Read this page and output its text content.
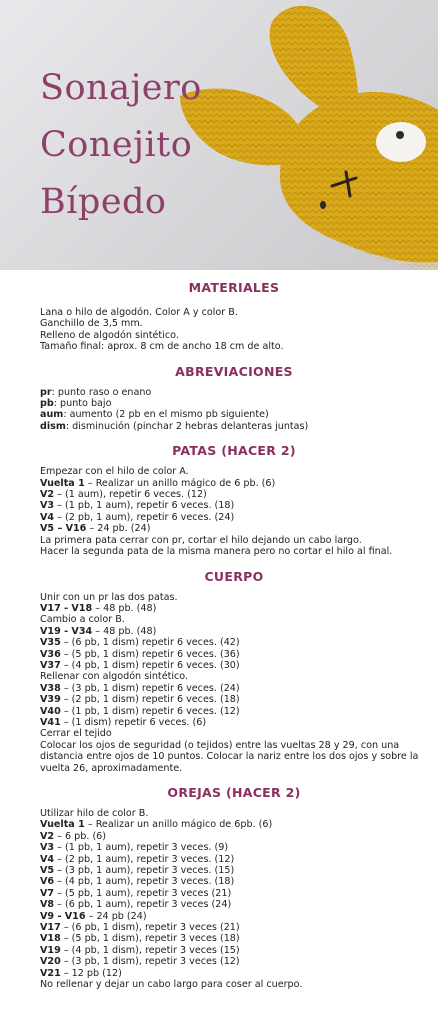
Sonajero
Conejito
Bípedo
MATERIALES
Lana o hilo de algodón. Color A y color B.
Ganchillo de 3,5 mm.
Relleno de algodón sintético.
Tamaño final: aprox. 8 cm de ancho 18 cm de alto.
ABREVIACIONES
pr: punto raso o enano
pb: punto bajo
aum: aumento (2 pb en el mismo pb siguiente)
dism: disminución (pinchar 2 hebras delanteras juntas)
PATAS (HACER 2)
Empezar con el hilo de color A.
Vuelta 1 – Realizar un anillo mágico de 6 pb. (6)
V2 – (1 aum), repetir 6 veces. (12)
V3 – (1 pb, 1 aum), repetir 6 veces. (18)
V4 – (2 pb, 1 aum), repetir 6 veces. (24)
V5 – V16 – 24 pb. (24)
La primera pata cerrar con pr, cortar el hilo dejando un cabo largo.
Hacer la segunda pata de la misma manera pero no cortar el hilo al final.
CUERPO
Unir con un pr las dos patas.
V17 - V18 – 48 pb. (48)
Cambio a color B.
V19 - V34 – 48 pb. (48)
V35 – (6 pb, 1 dism) repetir 6 veces. (42)
V36 – (5 pb, 1 dism) repetir 6 veces. (36)
V37 – (4 pb, 1 dism) repetir 6 veces. (30)
Rellenar con algodón sintético.
V38 – (3 pb, 1 dism) repetir 6 veces. (24)
V39 – (2 pb, 1 dism) repetir 6 veces. (18)
V40 – (1 pb, 1 dism) repetir 6 veces. (12)
V41 – (1 dism) repetir 6 veces. (6)
Cerrar el tejido
Colocar los ojos de seguridad (o tejidos) entre las vueltas 28 y 29, con una distancia entre ojos de 10 puntos. Colocar la nariz entre los dos ojos y sobre la vuelta 26, aproximadamente.
OREJAS (HACER 2)
Utilizar hilo de color B.
Vuelta 1 – Realizar un anillo mágico de 6pb. (6)
V2 – 6 pb. (6)
V3 – (1 pb, 1 aum), repetir 3 veces. (9)
V4 – (2 pb, 1 aum), repetir 3 veces. (12)
V5 – (3 pb, 1 aum), repetir 3 veces. (15)
V6 – (4 pb, 1 aum), repetir 3 veces. (18)
V7 – (5 pb, 1 aum), repetir 3 veces (21)
V8 – (6 pb, 1 aum), repetir 3 veces (24)
V9 - V16 – 24 pb (24)
V17 – (6 pb, 1 dism), repetir 3 veces (21)
V18 – (5 pb, 1 dism), repetir 3 veces (18)
V19 – (4 pb, 1 dism), repetir 3 veces (15)
V20 – (3 pb, 1 dism), repetir 3 veces (12)
V21 – 12 pb (12)
No rellenar y dejar un cabo largo para coser al cuerpo.
